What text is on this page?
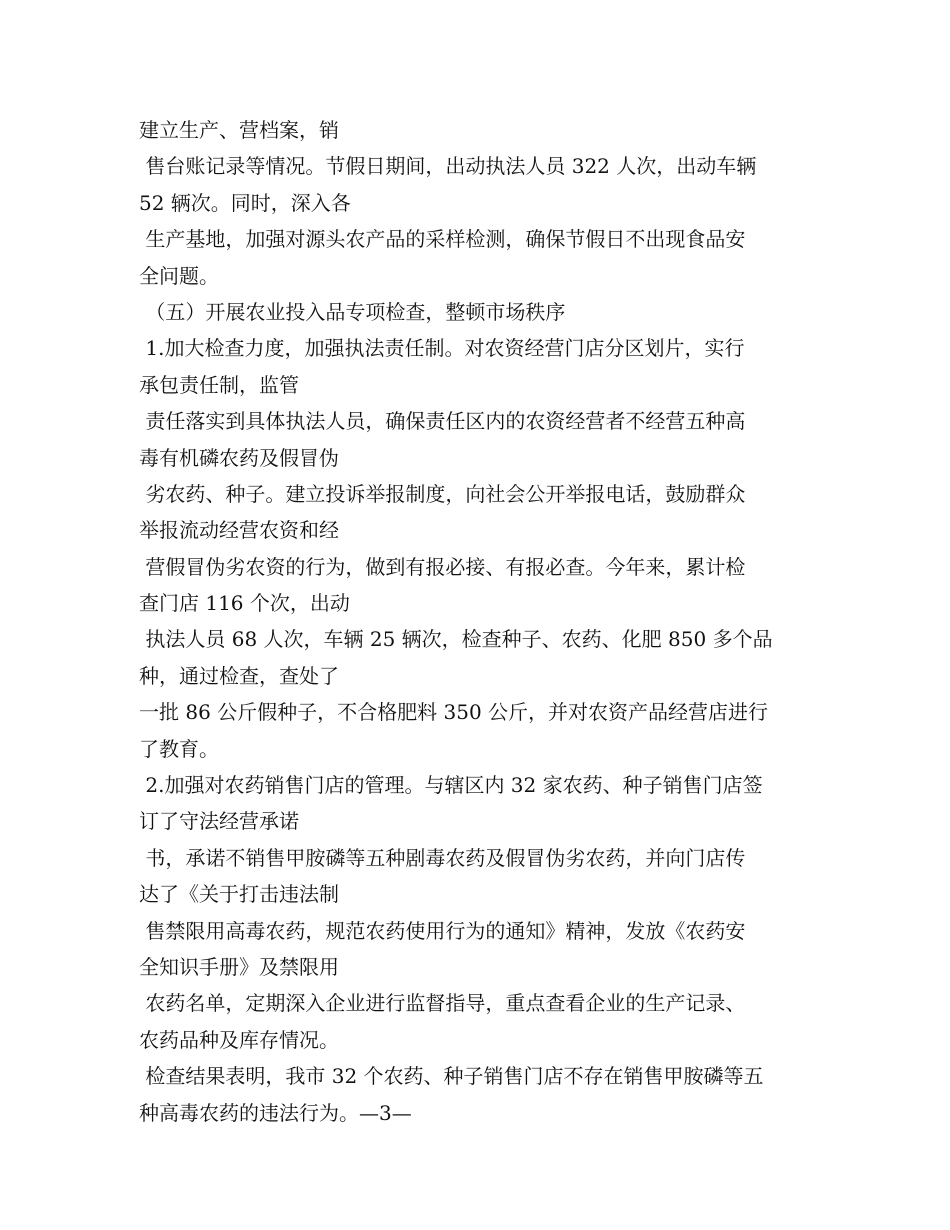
建立生产、营档案，销
售台账记录等情况。节假日期间，出动执法人员 322 人次，出动车辆
52 辆次。同时，深入各
生产基地，加强对源头农产品的采样检测，确保节假日不出现食品安
全问题。
（五）开展农业投入品专项检查，整顿市场秩序
1.加大检查力度，加强执法责任制。对农资经营门店分区划片，实行
承包责任制，监管
责任落实到具体执法人员，确保责任区内的农资经营者不经营五种高
毒有机磷农药及假冒伪
劣农药、种子。建立投诉举报制度，向社会公开举报电话，鼓励群众
举报流动经营农资和经
营假冒伪劣农资的行为，做到有报必接、有报必查。今年来，累计检
查门店 116 个次，出动
执法人员 68 人次，车辆 25 辆次，检查种子、农药、化肥 850 多个品
种，通过检查，查处了
一批 86 公斤假种子，不合格肥料 350 公斤，并对农资产品经营店进行
了教育。
2.加强对农药销售门店的管理。与辖区内 32 家农药、种子销售门店签
订了守法经营承诺
书，承诺不销售甲胺磷等五种剧毒农药及假冒伪劣农药，并向门店传
达了《关于打击违法制
售禁限用高毒农药，规范农药使用行为的通知》精神，发放《农药安
全知识手册》及禁限用
农药名单，定期深入企业进行监督指导，重点查看企业的生产记录、
农药品种及库存情况。
检查结果表明，我市 32 个农药、种子销售门店不存在销售甲胺磷等五
种高毒农药的违法行为。—3—
